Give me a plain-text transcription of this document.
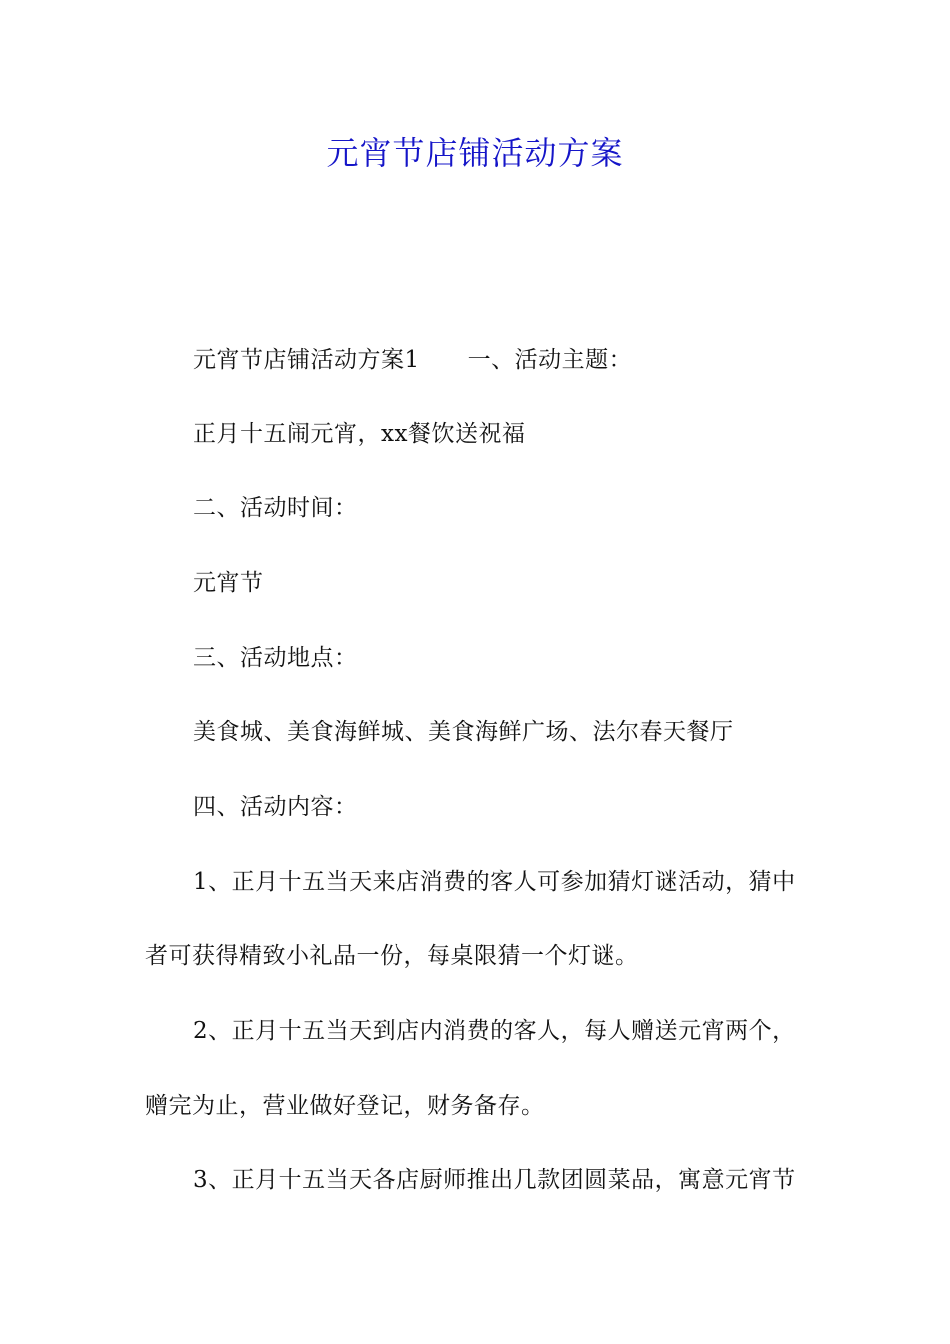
元宵节店铺活动方案
元宵节店铺活动方案1 一、活动主题：
正月十五闹元宵，xx餐饮送祝福
二、活动时间：
元宵节
三、活动地点：
美食城、美食海鲜城、美食海鲜广场、法尔春天餐厅
四、活动内容：
1、正月十五当天来店消费的客人可参加猜灯谜活动，猜中
者可获得精致小礼品一份，每桌限猜一个灯谜。
2、正月十五当天到店内消费的客人，每人赠送元宵两个，
赠完为止，营业做好登记，财务备存。
3、正月十五当天各店厨师推出几款团圆菜品，寓意元宵节
